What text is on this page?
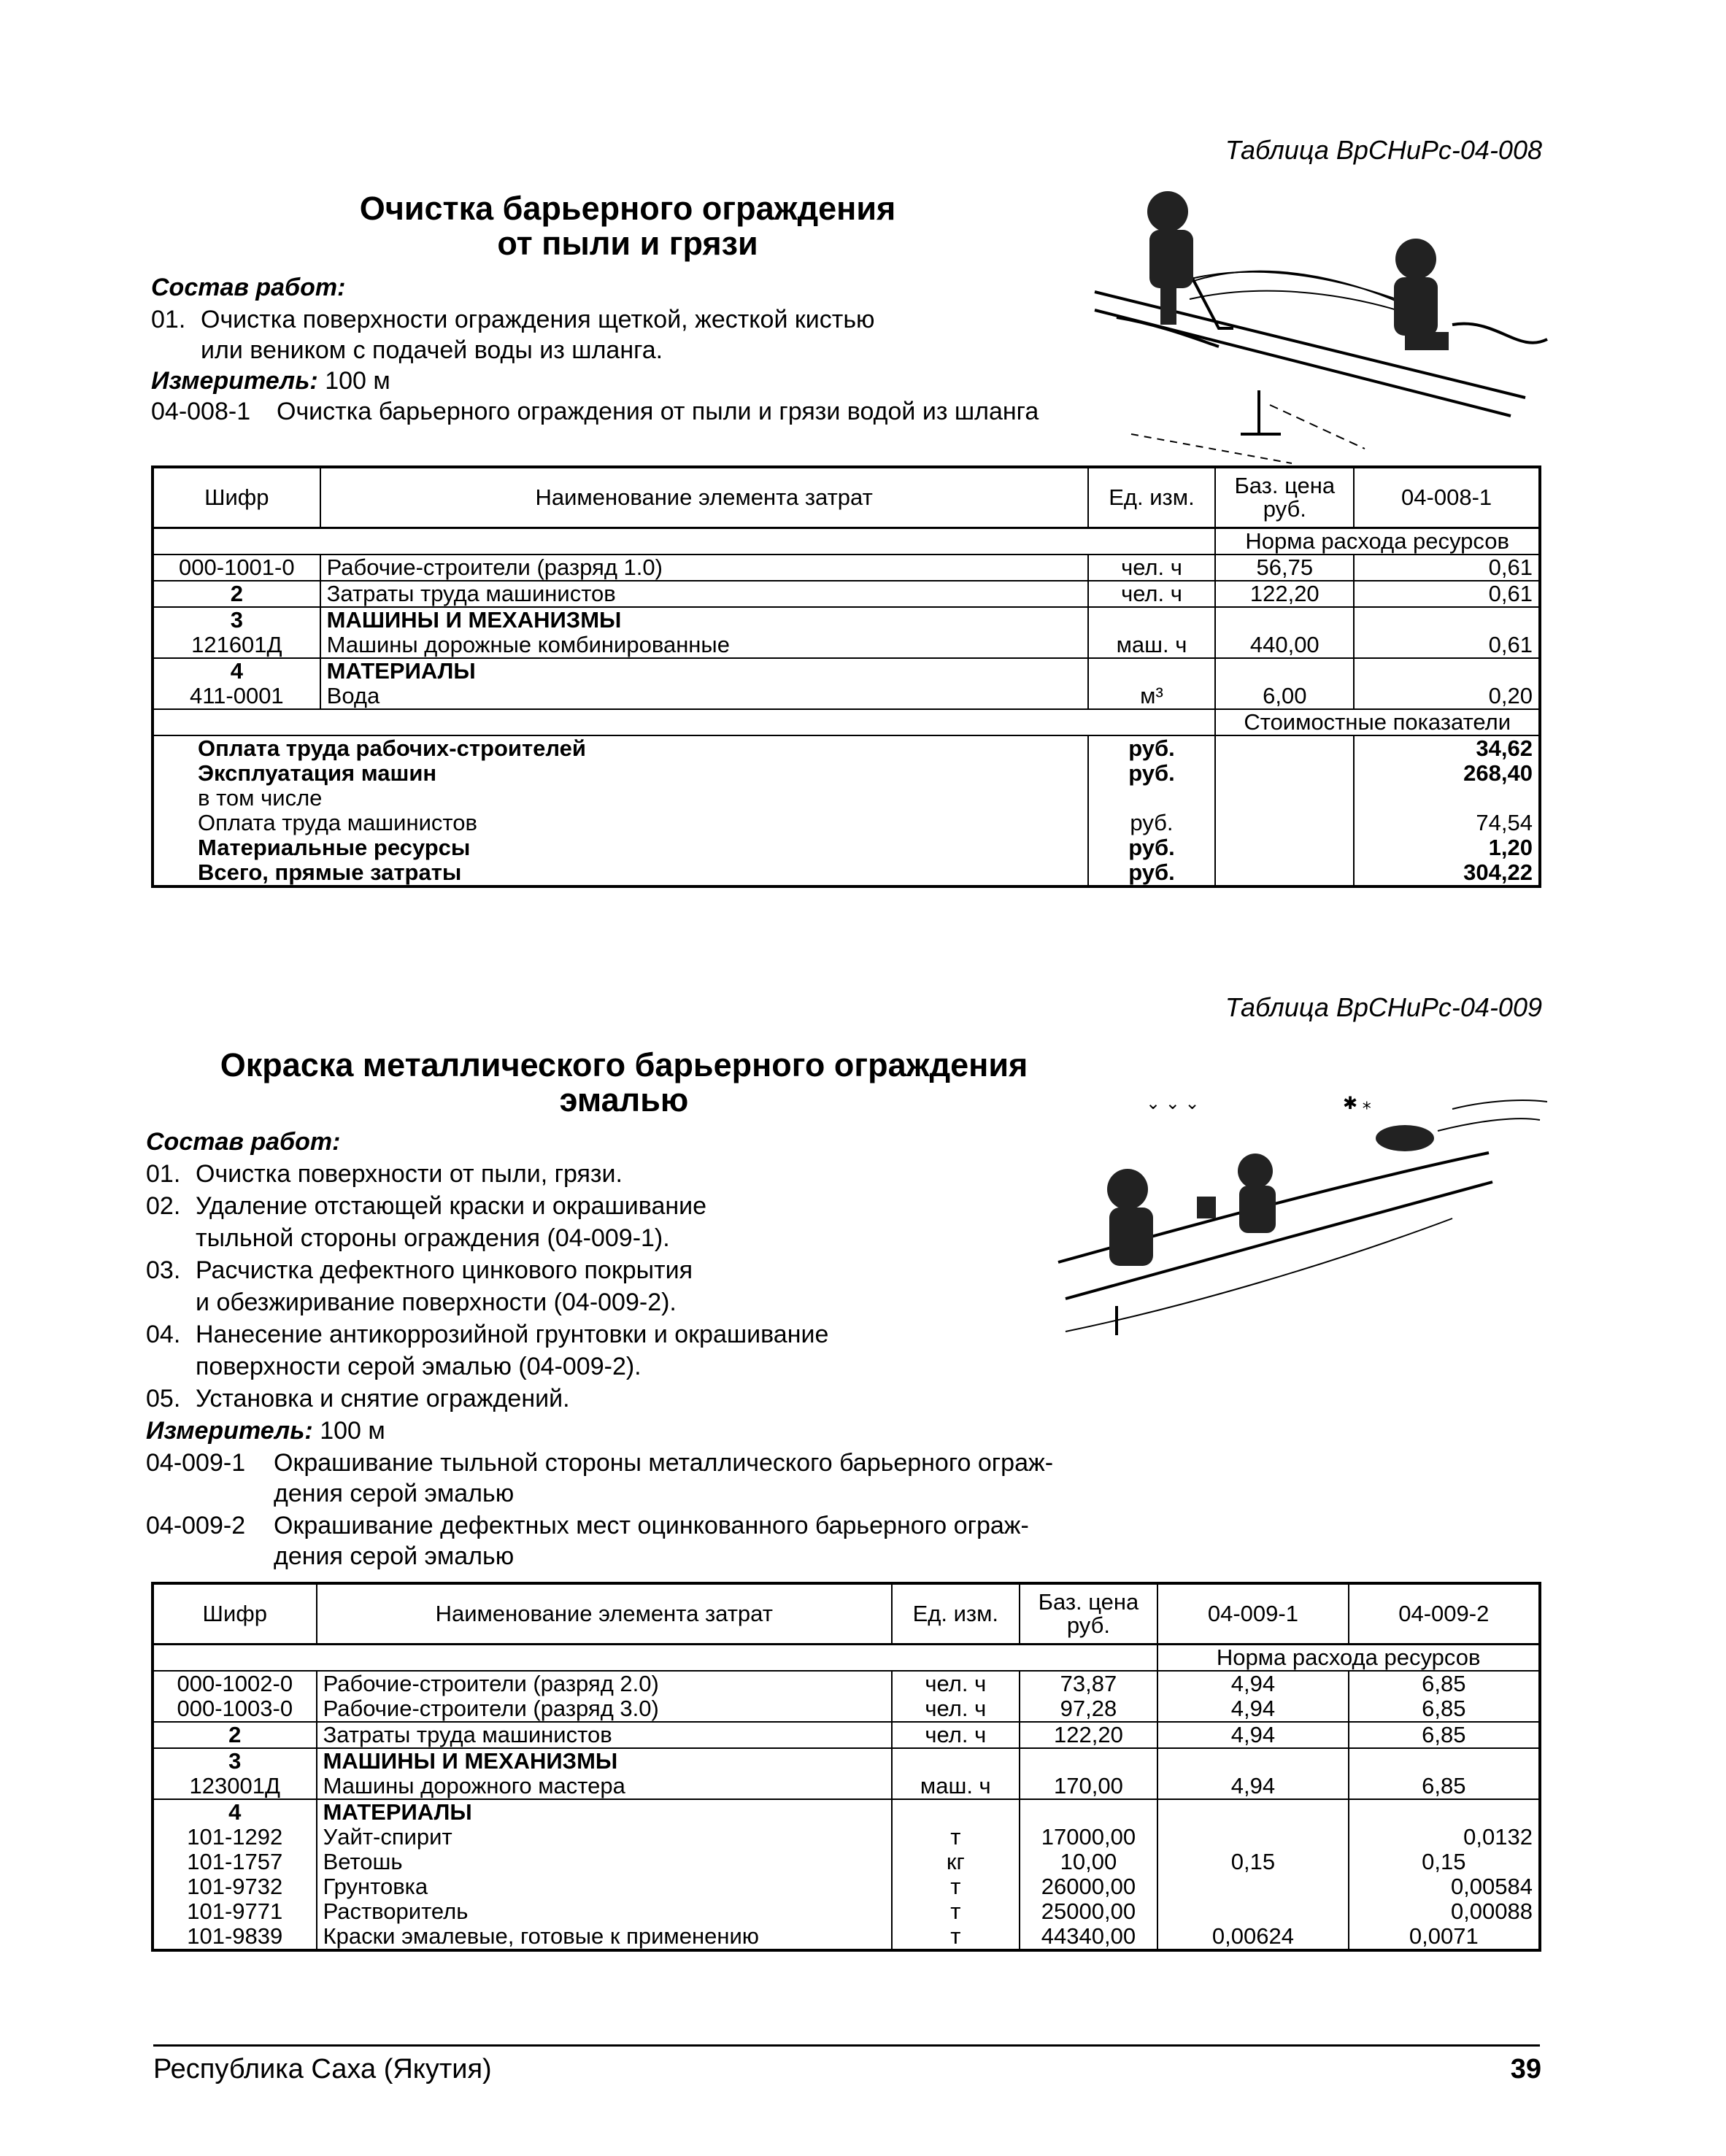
Таблица ВрСНиРс-04-008
Очистка барьерного ограждения
от пыли и грязи
Состав работ:
01. Очистка поверхности ограждения щеткой, жесткой кистью
или веником с подачей воды из шланга.
Измеритель: 100 м
04-008-1 Очистка барьерного ограждения от пыли и грязи водой из шланга
Шифр	Наименование элемента затрат	Ед. изм.	Баз. цена руб.	04-008-1
			Норма расхода ресурсов	
000-1001-0	Рабочие-строители (разряд 1.0)	чел. ч	56,75	0,61
2	Затраты труда машинистов	чел. ч	122,20	0,61
3	МАШИНЫ И МЕХАНИЗМЫ			
121601Д	Машины дорожные комбинированные	маш. ч	440,00	0,61
4	МАТЕРИАЛЫ			
411-0001	Вода	м³	6,00	0,20
			Стоимостные показатели	
Оплата труда рабочих-строителей		руб.		34,62
Эксплуатация машин		руб.		268,40
в том числе				
Оплата труда машинистов		руб.		74,54
Материальные ресурсы		руб.		1,20
Всего, прямые затраты		руб.		304,22
Таблица ВрСНиРс-04-009
Окраска металлического барьерного ограждения
эмалью
Состав работ:
01. Очистка поверхности от пыли, грязи.
02. Удаление отстающей краски и окрашивание
тыльной стороны ограждения (04-009-1).
03. Расчистка дефектного цинкового покрытия
и обезжиривание поверхности (04-009-2).
04. Нанесение антикоррозийной грунтовки и окрашивание
поверхности серой эмалью (04-009-2).
05. Установка и снятие ограждений.
Измеритель: 100 м
04-009-1 Окрашивание тыльной стороны металлического барьерного ограж-
дения серой эмалью
04-009-2 Окрашивание дефектных мест оцинкованного барьерного ограж-
дения серой эмалью
⌄ ⌄ ⌄	✱ ⁎
Шифр	Наименование элемента затрат	Ед. изм.	Баз. цена руб.	04-009-1	04-009-2
				Норма расхода ресурсов	
000-1002-0	Рабочие-строители (разряд 2.0)	чел. ч	73,87	4,94	6,85
000-1003-0	Рабочие-строители (разряд 3.0)	чел. ч	97,28	4,94	6,85
2	Затраты труда машинистов	чел. ч	122,20	4,94	6,85
3	МАШИНЫ И МЕХАНИЗМЫ				
123001Д	Машины дорожного мастера	маш. ч	170,00	4,94	6,85
4	МАТЕРИАЛЫ				
101-1292	Уайт-спирит	т	17000,00		0,0132
101-1757	Ветошь	кг	10,00	0,15	0,15
101-9732	Грунтовка	т	26000,00		0,00584
101-9771	Растворитель	т	25000,00		0,00088
101-9839	Краски эмалевые, готовые к применению	т	44340,00	0,00624	0,0071
Республика Саха (Якутия)	39
